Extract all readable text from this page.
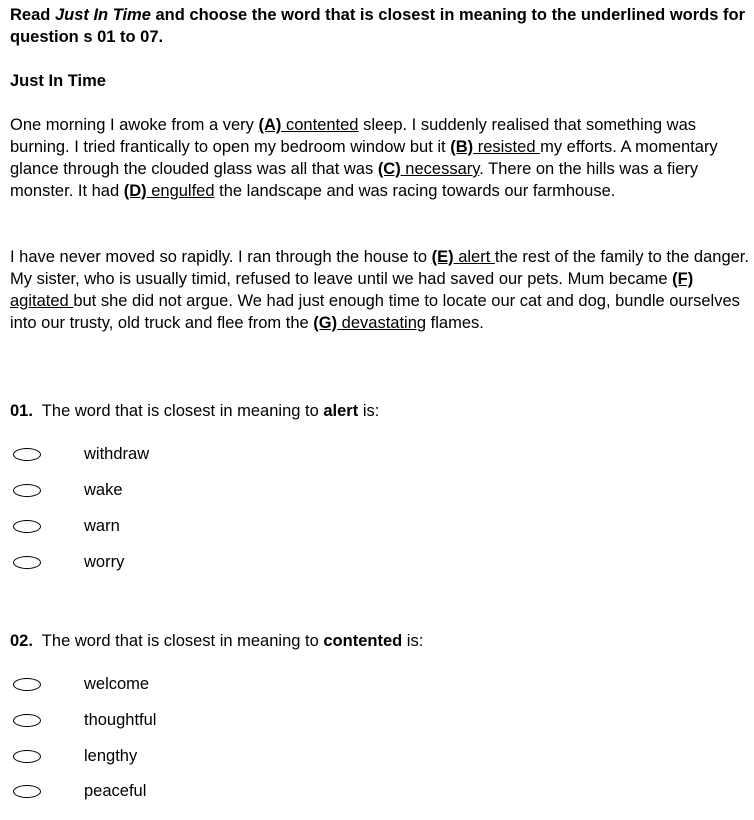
Read Just In Time and choose the word that is closest in meaning to the underlined words for question s 01 to 07.

Just In Time

One morning I awoke from a very (A) contented sleep. I suddenly realised that something was burning. I tried frantically to open my bedroom window but it (B) resisted my efforts. A momentary glance through the clouded glass was all that was (C) necessary. There on the hills was a fiery monster. It had (D) engulfed the landscape and was racing towards our farmhouse.

I have never moved so rapidly. I ran through the house to (E) alert the rest of the family to the danger. My sister, who is usually timid, refused to leave until we had saved our pets. Mum became (F) agitated but she did not argue. We had just enough time to locate our cat and dog, bundle ourselves into our trusty, old truck and flee from the (G) devastating flames.

01.  The word that is closest in meaning to alert is:

withdraw
wake
warn
worry

02.  The word that is closest in meaning to contented is:

welcome
thoughtful
lengthy
peaceful
